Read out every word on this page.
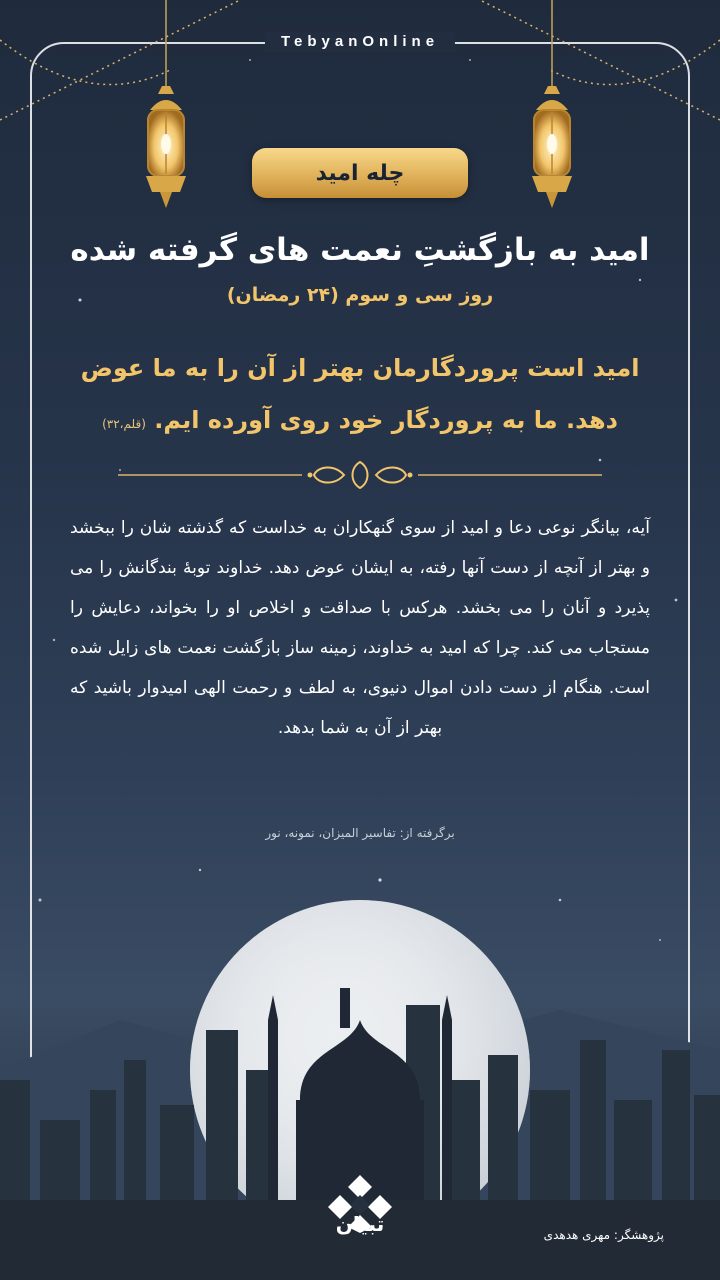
TebyanOnline
چله امید
امید به بازگشتِ نعمت های گرفته شده
روز سی و سوم (۲۴ رمضان)
امید است پروردگارمان بهتر از آن را به ما عوض دهد. ما به پروردگار خود روی آورده ایم. (قلم،۳۲)
آیه، بیانگر نوعی دعا و امید از سوی گنهکاران به خداست که گذشته شان را ببخشد و بهتر از آنچه از دست آنها رفته، به ایشان عوض دهد. خداوند توبهٔ بندگانش را می پذیرد و آنان را می بخشد. هرکس با صداقت و اخلاص او را بخواند، دعایش را مستجاب می کند. چرا که امید به خداوند، زمینه ساز بازگشت نعمت های زایل شده است. هنگام از دست دادن اموال دنیوی، به لطف و رحمت الهی امیدوار باشید که بهتر از آن به شما بدهد.
برگرفته از: تفاسیر المیزان، نمونه، نور
تبیان	پژوهشگر: مهری هدهدی
